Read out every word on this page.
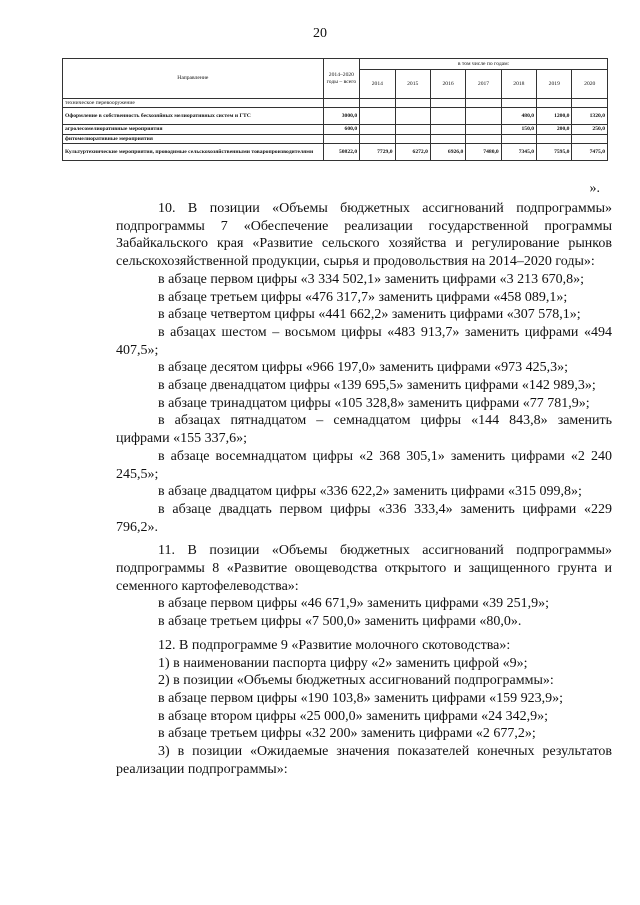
20
Направление	2014–2020 годы – всего	в том числе по годам:						
		2014	2015	2016	2017	2018	2019	2020
техническое перевооружение								
Оформление в собственность бесхозяйных мелиоративных систем и ГТС	3000,0					480,0	1200,0	1320,0
агролесомелиоративные мероприятия	600,0					150,0	200,0	250,0
фитомелиоративные мероприятия								
Культуртехнические мероприятия, проводимые сельскохозяйственными товаропроизводителями	50822,0	7729,0	6272,0	6926,0	7480,0	7345,0	7595,0	7475,0
».

10. В позиции «Объемы бюджетных ассигнований подпрограммы» подпрограммы 7 «Обеспечение реализации государственной программы Забайкальского края «Развитие сельского хозяйства и регулирование рынков сельскохозяйственной продукции, сырья и продовольствия на 2014–2020 годы»:

в абзаце первом цифры «3 334 502,1» заменить цифрами «3 213 670,8»;

в абзаце третьем цифры «476 317,7» заменить цифрами «458 089,1»;

в абзаце четвертом цифры «441 662,2» заменить цифрами «307 578,1»;

в абзацах шестом – восьмом цифры «483 913,7» заменить цифрами «494 407,5»;

в абзаце десятом цифры «966 197,0» заменить цифрами «973 425,3»;

в абзаце двенадцатом цифры «139 695,5» заменить цифрами «142 989,3»;

в абзаце тринадцатом цифры «105 328,8» заменить цифрами «77 781,9»;

в абзацах пятнадцатом – семнадцатом цифры «144 843,8» заменить цифрами «155 337,6»;

в абзаце восемнадцатом цифры «2 368 305,1» заменить цифрами «2 240 245,5»;

в абзаце двадцатом цифры «336 622,2» заменить цифрами «315 099,8»;

в абзаце двадцать первом цифры «336 333,4» заменить цифрами «229 796,2».

11. В позиции «Объемы бюджетных ассигнований подпрограммы» подпрограммы 8 «Развитие овощеводства открытого и защищенного грунта и семенного картофелеводства»:

в абзаце первом цифры «46 671,9» заменить цифрами «39 251,9»;

в абзаце третьем цифры «7 500,0» заменить цифрами «80,0».

12. В подпрограмме 9 «Развитие молочного скотоводства»:

1) в наименовании паспорта цифру «2» заменить цифрой «9»;

2) в позиции «Объемы бюджетных ассигнований подпрограммы»:

в абзаце первом цифры «190 103,8» заменить цифрами «159 923,9»;

в абзаце втором цифры «25 000,0» заменить цифрами «24 342,9»;

в абзаце третьем цифры «32 200» заменить цифрами «2 677,2»;

3) в позиции «Ожидаемые значения показателей конечных результатов реализации подпрограммы»:
